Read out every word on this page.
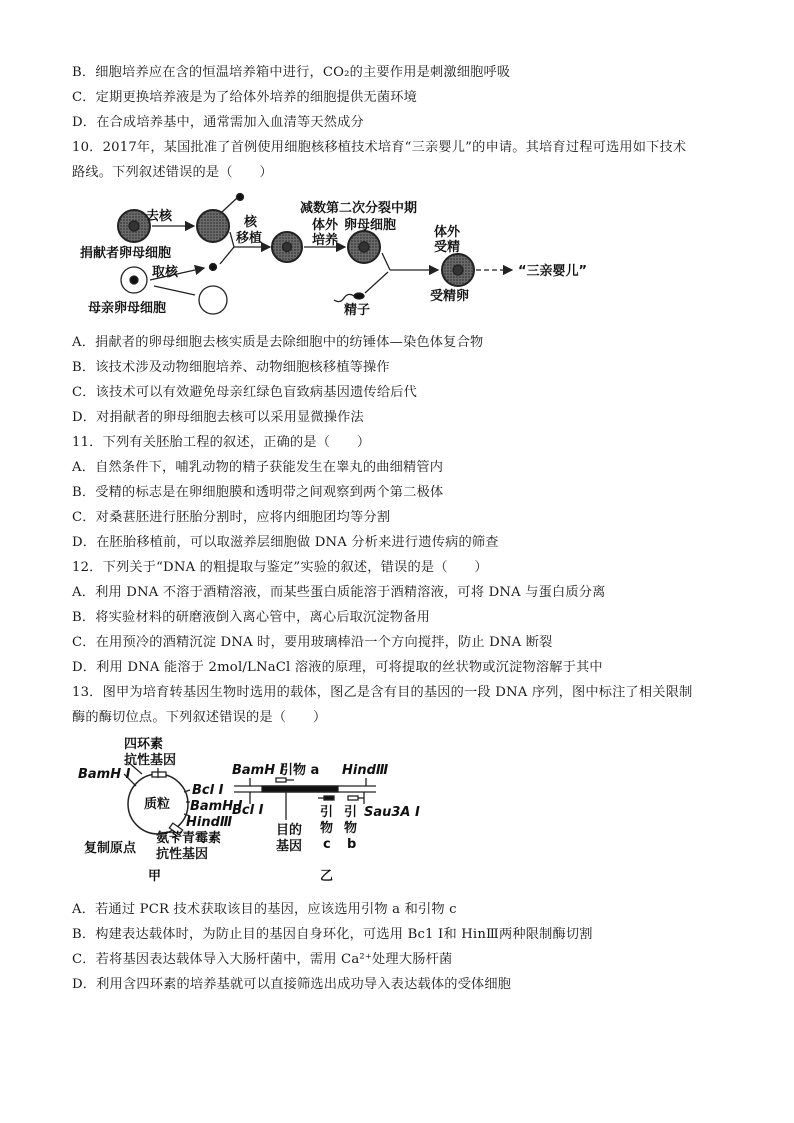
B．细胞培养应在含的恒温培养箱中进行，CO₂的主要作用是刺激细胞呼吸
C．定期更换培养液是为了给体外培养的细胞提供无菌环境
D．在合成培养基中，通常需加入血清等天然成分
10．2017年，某国批准了首例使用细胞核移植技术培育“三亲婴儿”的申请。其培育过程可选用如下技术
路线。下列叙述错误的是（　　）
去核
捐献者卵母细胞
取核
母亲卵母细胞
核
移植
减数第二次分裂中期
体外
培养
卵母细胞
精子
体外
受精
受精卵
“三亲婴儿”
A．捐献者的卵母细胞去核实质是去除细胞中的纺锤体—染色体复合物
B．该技术涉及动物细胞培养、动物细胞核移植等操作
C．该技术可以有效避免母亲红绿色盲致病基因遗传给后代
D．对捐献者的卵母细胞去核可以采用显微操作法
11．下列有关胚胎工程的叙述，正确的是（　　）
A．自然条件下，哺乳动物的精子获能发生在睾丸的曲细精管内
B．受精的标志是在卵细胞膜和透明带之间观察到两个第二极体
C．对桑葚胚进行胚胎分割时，应将内细胞团均等分割
D．在胚胎移植前，可以取滋养层细胞做 DNA 分析来进行遗传病的筛查
12．下列关于“DNA 的粗提取与鉴定”实验的叙述，错误的是（　　）
A．利用 DNA 不溶于酒精溶液，而某些蛋白质能溶于酒精溶液，可将 DNA 与蛋白质分离
B．将实验材料的研磨液倒入离心管中，离心后取沉淀物备用
C．在用预冷的酒精沉淀 DNA 时，要用玻璃棒沿一个方向搅拌，防止 DNA 断裂
D．利用 DNA 能溶于 2mol/LNaCl 溶液的原理，可将提取的丝状物或沉淀物溶解于其中
13．图甲为培育转基因生物时选用的载体，图乙是含有目的基因的一段 DNA 序列，图中标注了相关限制
酶的酶切位点。下列叙述错误的是（　　）
四环素
抗性基因
BamH Ⅰ
质粒
Bcl Ⅰ
BamH Ⅰ
HindⅢ
复制原点
氨苄青霉素
抗性基因
甲
BamH Ⅰ
引物 a HindⅢ
Bcl Ⅰ
目的
基因
引
物
c
引
物
b
Sau3A Ⅰ
乙
A．若通过 PCR 技术获取该目的基因，应该选用引物 a 和引物 c
B．构建表达载体时，为防止目的基因自身环化，可选用 Bc1 Ⅰ和 HinⅢ两种限制酶切割
C．若将基因表达载体导入大肠杆菌中，需用 Ca²⁺处理大肠杆菌
D．利用含四环素的培养基就可以直接筛选出成功导入表达载体的受体细胞
